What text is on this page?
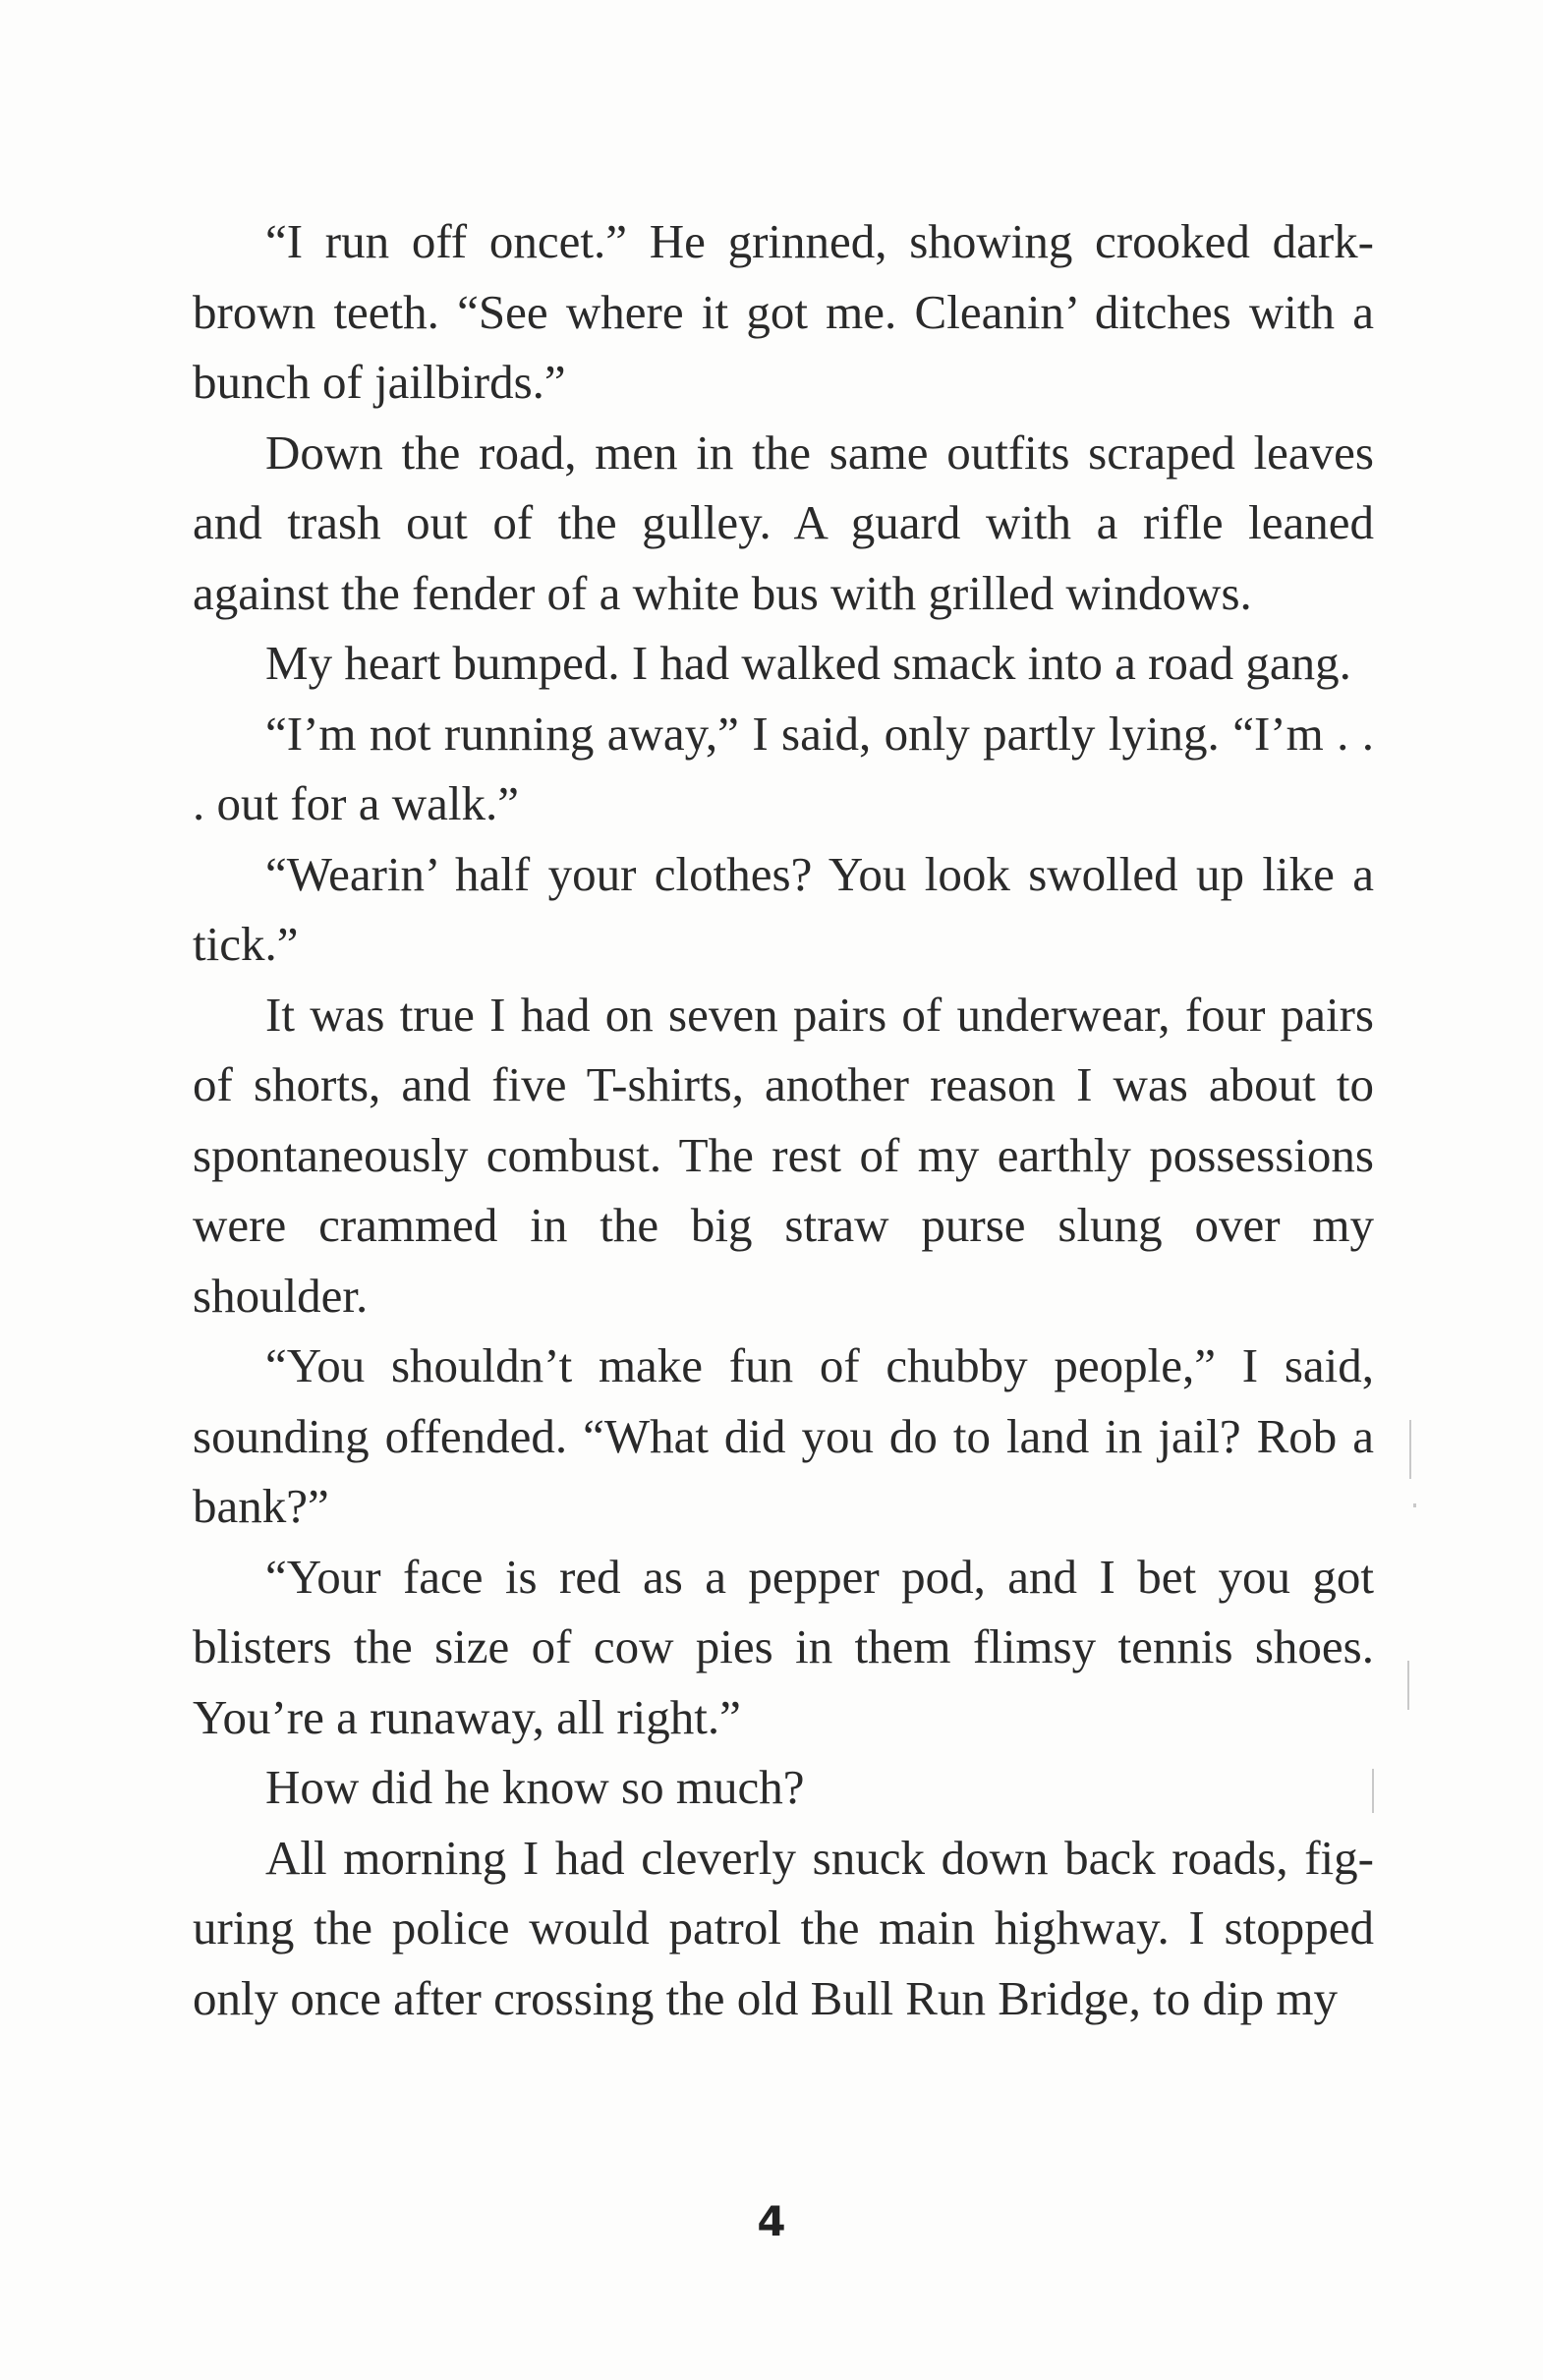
“I run off oncet.” He grinned, showing crooked dark-brown teeth. “See where it got me. Cleanin’ ditches with a bunch of jailbirds.”

Down the road, men in the same outfits scraped leaves and trash out of the gulley. A guard with a rifle leaned against the fender of a white bus with grilled windows.

My heart bumped. I had walked smack into a road gang.

“I’m not running away,” I said, only partly lying. “I’m . . . out for a walk.”

“Wearin’ half your clothes? You look swolled up like a tick.”

It was true I had on seven pairs of underwear, four pairs of shorts, and five T-shirts, another reason I was about to spontaneously combust. The rest of my earthly possessions were crammed in the big straw purse slung over my shoulder.

“You shouldn’t make fun of chubby people,” I said, sounding offended. “What did you do to land in jail? Rob a bank?”

“Your face is red as a pepper pod, and I bet you got blisters the size of cow pies in them flimsy tennis shoes. You’re a runaway, all right.”

How did he know so much?

All morning I had cleverly snuck down back roads, figuring the police would patrol the main highway. I stopped only once after crossing the old Bull Run Bridge, to dip my

4
